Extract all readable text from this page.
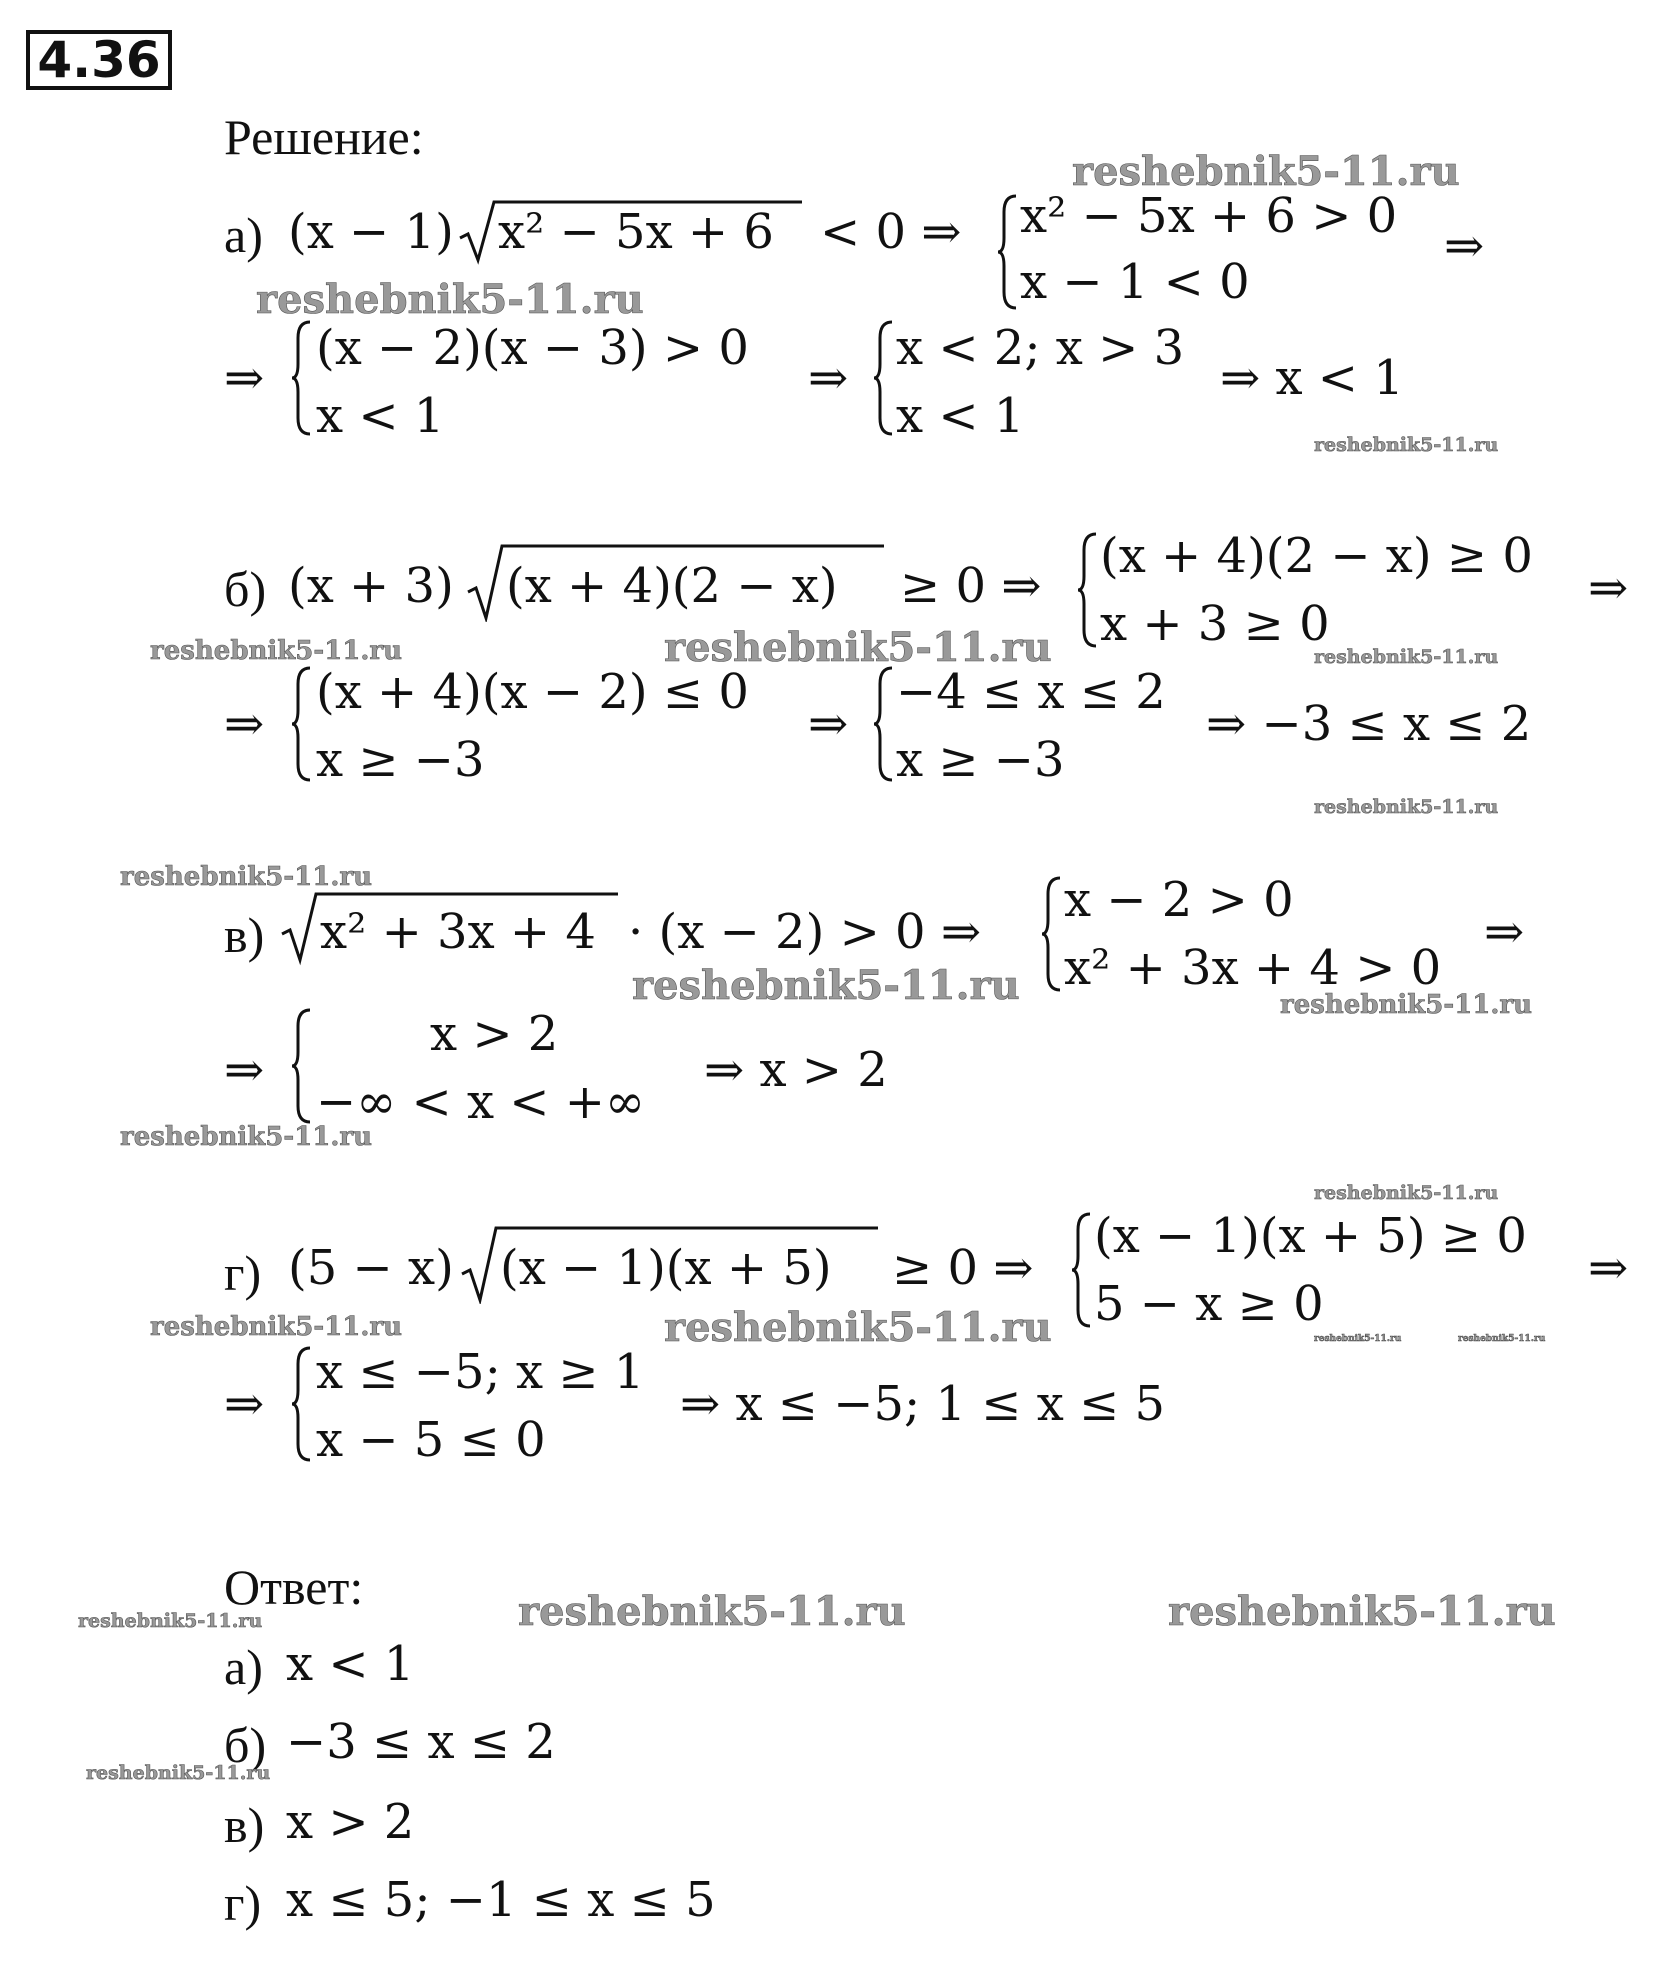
4.36
Решение:
а) (x − 1) x² − 5x + 6 < 0 ⇒ x² − 5x + 6 > 0
x − 1 < 0
⇒
⇒
(x − 2)(x − 3) > 0
x < 1
⇒
x < 2; x > 3
x < 1
⇒ x < 1
б) (x + 3) (x + 4)(2 − x) ≥ 0 ⇒
(x + 4)(2 − x) ≥ 0
x + 3 ≥ 0
⇒
⇒
(x + 4)(x − 2) ≤ 0
x ≥ −3
⇒
−4 ≤ x ≤ 2
x ≥ −3
⇒ −3 ≤ x ≤ 2
в) x² + 3x + 4 · (x − 2) > 0 ⇒
x − 2 > 0
x² + 3x + 4 > 0
⇒
⇒
x > 2
−∞ < x < +∞
⇒ x > 2
г) (5 − x) (x − 1)(x + 5) ≥ 0 ⇒
(x − 1)(x + 5) ≥ 0
5 − x ≥ 0
⇒
⇒
x ≤ −5; x ≥ 1
x − 5 ≤ 0
⇒ x ≤ −5; 1 ≤ x ≤ 5
Ответ:
а) x < 1
б) −3 ≤ x ≤ 2
в) x > 2
г) x ≤ 5; −1 ≤ x ≤ 5
reshebnik5-11.ru
reshebnik5-11.ru
reshebnik5-11.ru
reshebnik5-11.ru	reshebnik5-11.ru	reshebnik5-11.ru
reshebnik5-11.ru
reshebnik5-11.ru
reshebnik5-11.ru	reshebnik5-11.ru
reshebnik5-11.ru
reshebnik5-11.ru
reshebnik5-11.ru	reshebnik5-11.ru	reshebnik5-11.ru	reshebnik5-11.ru
reshebnik5-11.ru	reshebnik5-11.ru	reshebnik5-11.ru
reshebnik5-11.ru
